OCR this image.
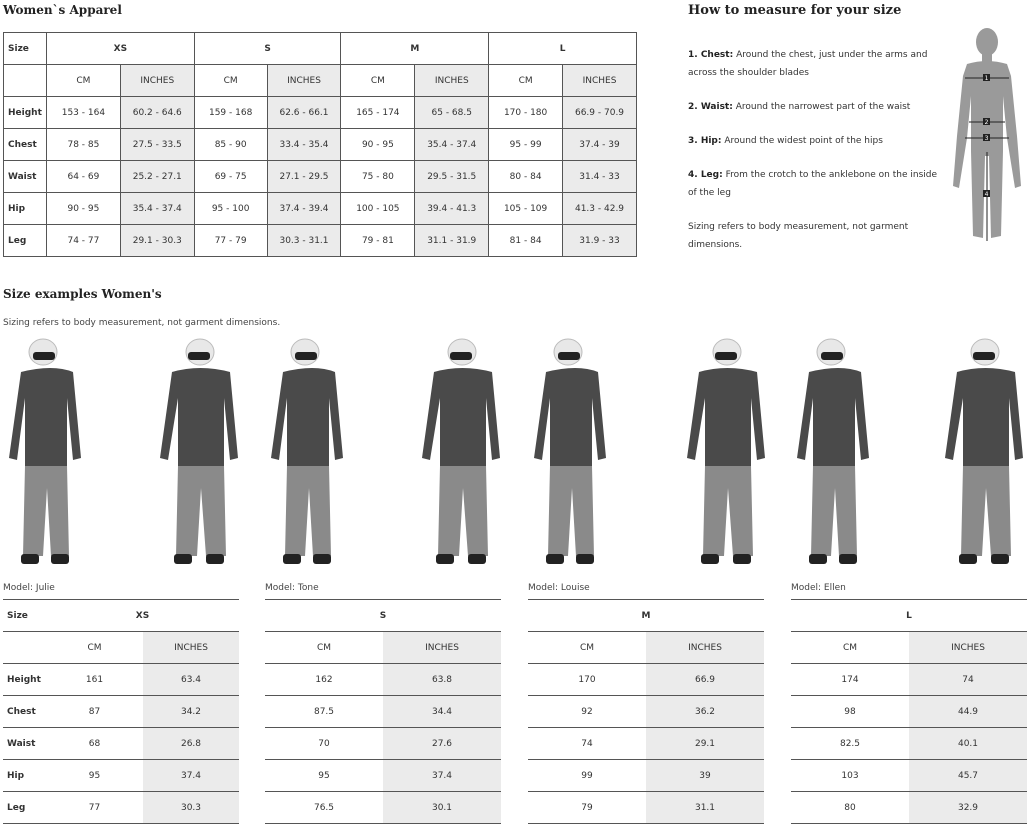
Women`s Apparel	How to measure for your size
Size	XS		S		M		L	
	CM	INCHES	CM	INCHES	CM	INCHES	CM	INCHES
Height	153 - 164	60.2 - 64.6	159 - 168	62.6 - 66.1	165 - 174	65 - 68.5	170 - 180	66.9 - 70.9
Chest	78 - 85	27.5 - 33.5	85 - 90	33.4 - 35.4	90 - 95	35.4 - 37.4	95 - 99	37.4 - 39
Waist	64 - 69	25.2 - 27.1	69 - 75	27.1 - 29.5	75 - 80	29.5 - 31.5	80 - 84	31.4 - 33
Hip	90 - 95	35.4 - 37.4	95 - 100	37.4 - 39.4	100 - 105	39.4 - 41.3	105 - 109	41.3 - 42.9
Leg	74 - 77	29.1 - 30.3	77 - 79	30.3 - 31.1	79 - 81	31.1 - 31.9	81 - 84	31.9 - 33

1. Chest: Around the chest, just under the arms and across the shoulder blades

2. Waist: Around the narrowest part of the waist

3. Hip: Around the widest point of the hips

4. Leg: From the crotch to the anklebone on the inside of the leg

Sizing refers to body measurement, not garment dimensions.

1
2
3
4
Size examples Women's
Sizing refers to body measurement, not garment dimensions.
Model: Julie
Size	XS	
	CM	INCHES
Height	161	63.4
Chest	87	34.2
Waist	68	26.8
Hip	95	37.4
Leg	77	30.3
Model: Tone
	S	
	CM	INCHES
	162	63.8
	87.5	34.4
	70	27.6
	95	37.4
	76.5	30.1
Model: Louise
	M	
	CM	INCHES
	170	66.9
	92	36.2
	74	29.1
	99	39
	79	31.1
Model: Ellen
	L	
	CM	INCHES
	174	74
	98	44.9
	82.5	40.1
	103	45.7
	80	32.9
